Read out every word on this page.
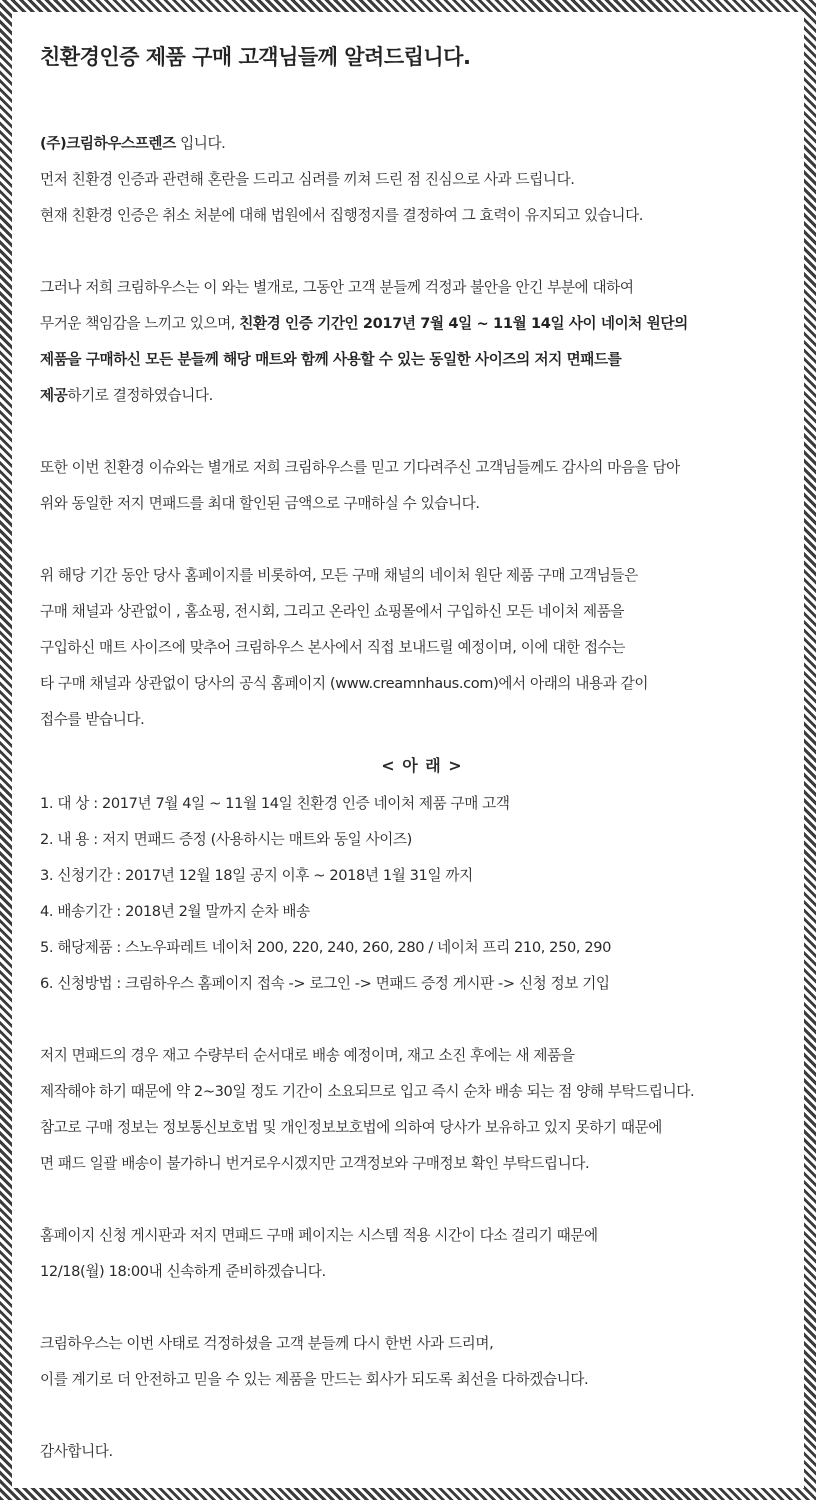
친환경인증 제품 구매 고객님들께 알려드립니다.
(주)크림하우스프렌즈 입니다.
먼저 친환경 인증과 관련해 혼란을 드리고 심려를 끼쳐 드린 점 진심으로 사과 드립니다.
현재 친환경 인증은 취소 처분에 대해 법원에서 집행정지를 결정하여 그 효력이 유지되고 있습니다.
그러나 저희 크림하우스는 이 와는 별개로, 그동안 고객 분들께 걱정과 불안을 안긴 부분에 대하여
무거운 책임감을 느끼고 있으며, 친환경 인증 기간인 2017년 7월 4일 ~ 11월 14일 사이 네이처 원단의
제품을 구매하신 모든 분들께 해당 매트와 함께 사용할 수 있는 동일한 사이즈의 저지 면패드를
제공하기로 결정하였습니다.
또한 이번 친환경 이슈와는 별개로 저희 크림하우스를 믿고 기다려주신 고객님들께도 감사의 마음을 담아
위와 동일한 저지 면패드를 최대 할인된 금액으로 구매하실 수 있습니다.
위 해당 기간 동안 당사 홈페이지를 비롯하여, 모든 구매 채널의 네이처 원단 제품 구매 고객님들은
구매 채널과 상관없이 , 홈쇼핑, 전시회, 그리고 온라인 쇼핑몰에서 구입하신 모든 네이처 제품을
구입하신 매트 사이즈에 맞추어 크림하우스 본사에서 직접 보내드릴 예정이며, 이에 대한 접수는
타 구매 채널과 상관없이 당사의 공식 홈페이지 (www.creamnhaus.com)에서 아래의 내용과 같이
접수를 받습니다.
< 아 래 >
1. 대 상 : 2017년 7월 4일 ~ 11월 14일 친환경 인증 네이처 제품 구매 고객
2. 내 용 : 저지 면패드 증정 (사용하시는 매트와 동일 사이즈)
3. 신청기간 : 2017년 12월 18일 공지 이후 ~ 2018년 1월 31일 까지
4. 배송기간 : 2018년 2월 말까지 순차 배송
5. 해당제품 : 스노우파레트 네이처 200, 220, 240, 260, 280 / 네이처 프리 210, 250, 290
6. 신청방법 : 크림하우스 홈페이지 접속 -> 로그인 -> 면패드 증정 게시판 -> 신청 정보 기입
저지 면패드의 경우 재고 수량부터 순서대로 배송 예정이며, 재고 소진 후에는 새 제품을
제작해야 하기 때문에 약 2~30일 정도 기간이 소요되므로 입고 즉시 순차 배송 되는 점 양해 부탁드립니다.
참고로 구매 정보는 정보통신보호법 및 개인정보보호법에 의하여 당사가 보유하고 있지 못하기 때문에
면 패드 일괄 배송이 불가하니 번거로우시겠지만 고객정보와 구매정보 확인 부탁드립니다.
홈페이지 신청 게시판과 저지 면패드 구매 페이지는 시스템 적용 시간이 다소 걸리기 때문에
12/18(월) 18:00내 신속하게 준비하겠습니다.
크림하우스는 이번 사태로 걱정하셨을 고객 분들께 다시 한번 사과 드리며,
이를 계기로 더 안전하고 믿을 수 있는 제품을 만드는 회사가 되도록 최선을 다하겠습니다.
감사합니다.
